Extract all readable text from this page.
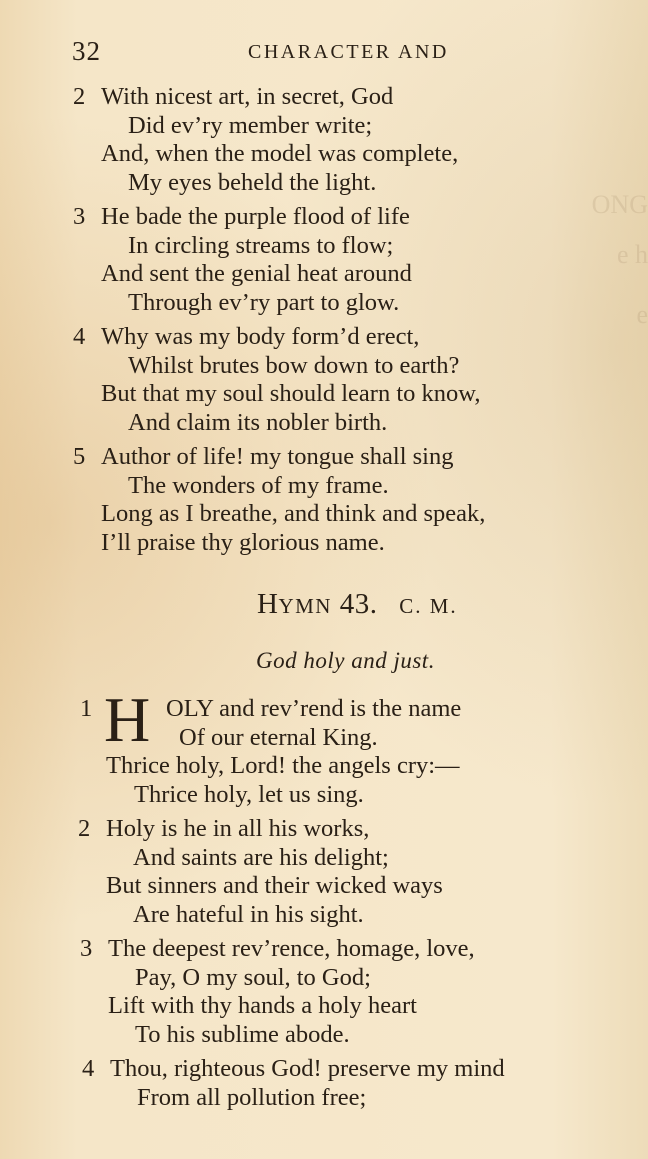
ONG
e h
e
32	CHARACTER AND
2 With nicest art, in secret, God
Did ev’ry member write;
And, when the model was complete,
My eyes beheld the light.
3 He bade the purple flood of life
In circling streams to flow;
And sent the genial heat around
Through ev’ry part to glow.
4 Why was my body form’d erect,
Whilst brutes bow down to earth?
But that my soul should learn to know,
And claim its nobler birth.
5 Author of life! my tongue shall sing
The wonders of my frame.
Long as I breathe, and think and speak,
I’ll praise thy glorious name.
HYMN 43. C. M.
God holy and just.
1	OLY and rev’rend is the name
Of our eternal King.
Thrice holy, Lord! the angels cry:—
Thrice holy, let us sing.
H
2 Holy is he in all his works,
And saints are his delight;
But sinners and their wicked ways
Are hateful in his sight.
3 The deepest rev’rence, homage, love,
Pay, O my soul, to God;
Lift with thy hands a holy heart
To his sublime abode.
4 Thou, righteous God! preserve my mind
From all pollution free;
